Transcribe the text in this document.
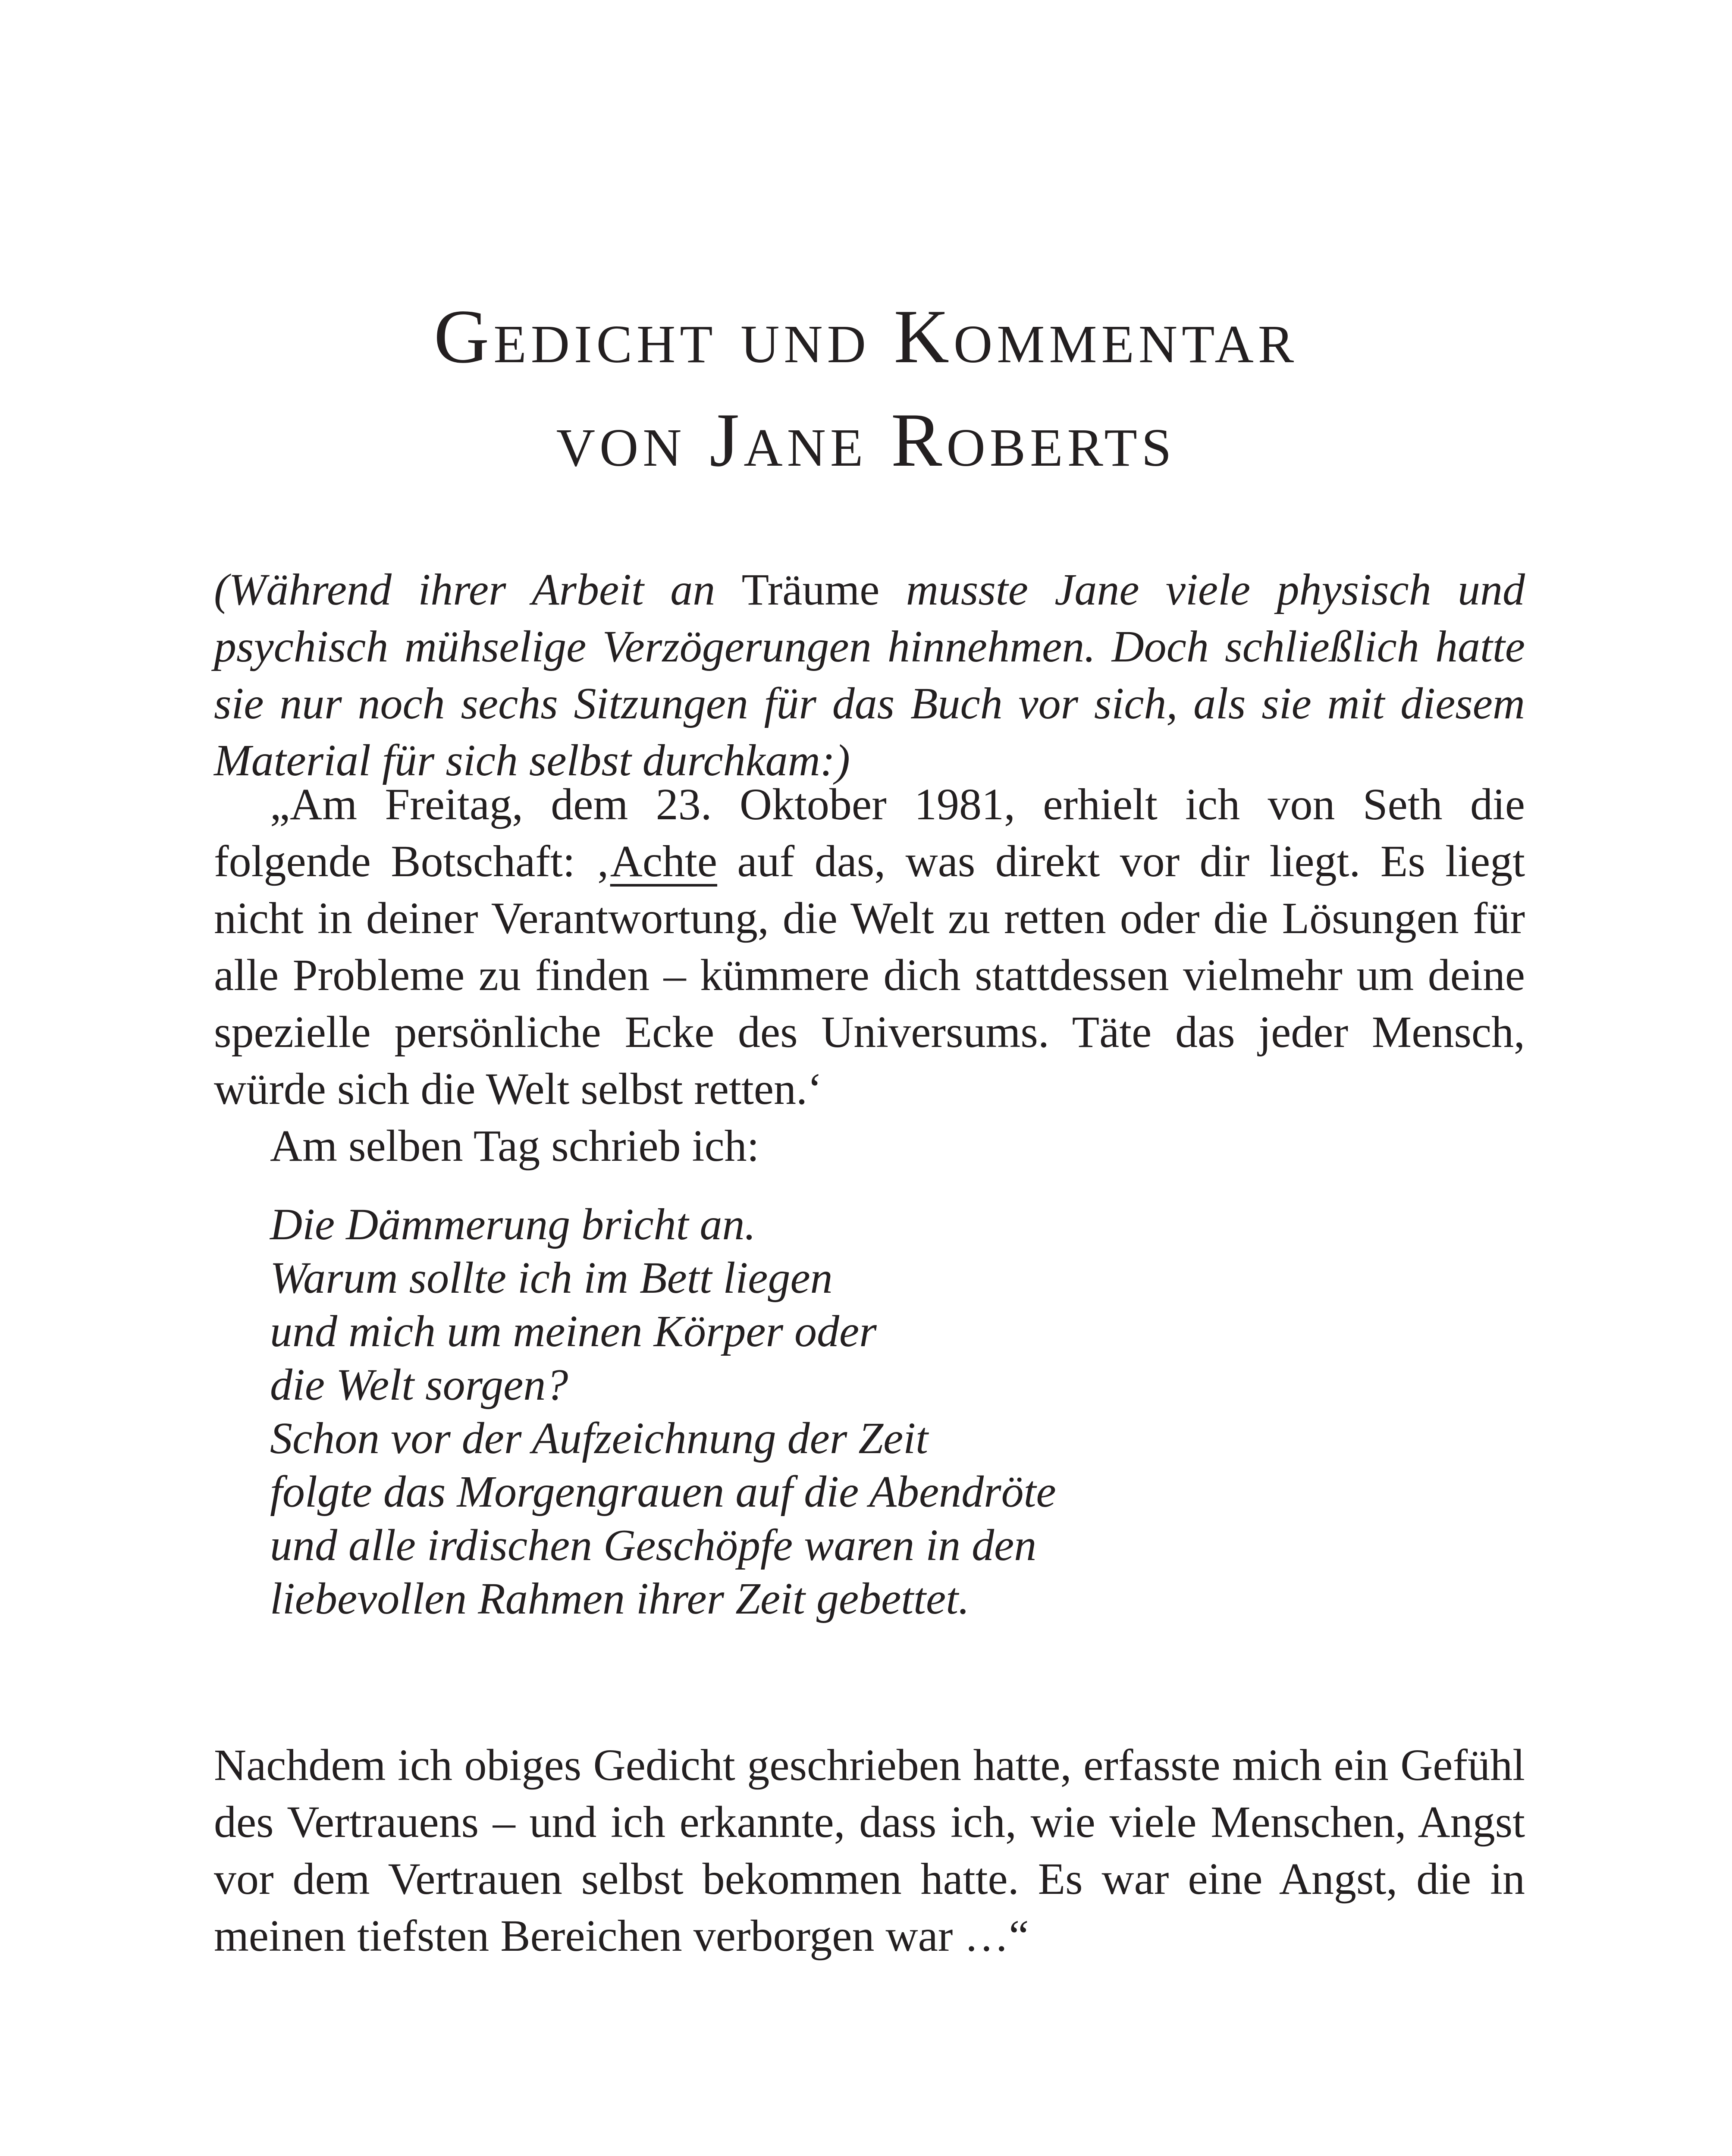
Gedicht und Kommentar
von Jane Roberts

(Während ihrer Arbeit an Träume musste Jane viele physisch und psychisch mühselige Verzögerungen hinnehmen. Doch schließlich hatte sie nur noch sechs Sitzungen für das Buch vor sich, als sie mit diesem Material für sich selbst durchkam:)

„Am Freitag, dem 23. Oktober 1981, erhielt ich von Seth die folgende Botschaft: ‚Achte auf das, was direkt vor dir liegt. Es liegt nicht in deiner Verantwortung, die Welt zu retten oder die Lösungen für alle Probleme zu finden – kümmere dich stattdessen vielmehr um deine spezielle persönliche Ecke des Universums. Täte das jeder Mensch, würde sich die Welt selbst retten.‘

Am selben Tag schrieb ich:

Die Dämmerung bricht an.
Warum sollte ich im Bett liegen
und mich um meinen Körper oder
die Welt sorgen?
Schon vor der Aufzeichnung der Zeit
folgte das Morgengrauen auf die Abendröte
und alle irdischen Geschöpfe waren in den
liebevollen Rahmen ihrer Zeit gebettet.

Nachdem ich obiges Gedicht geschrieben hatte, erfasste mich ein Gefühl des Vertrauens – und ich erkannte, dass ich, wie viele Menschen, Angst vor dem Vertrauen selbst bekommen hatte. Es war eine Angst, die in meinen tiefsten Bereichen verborgen war …“
